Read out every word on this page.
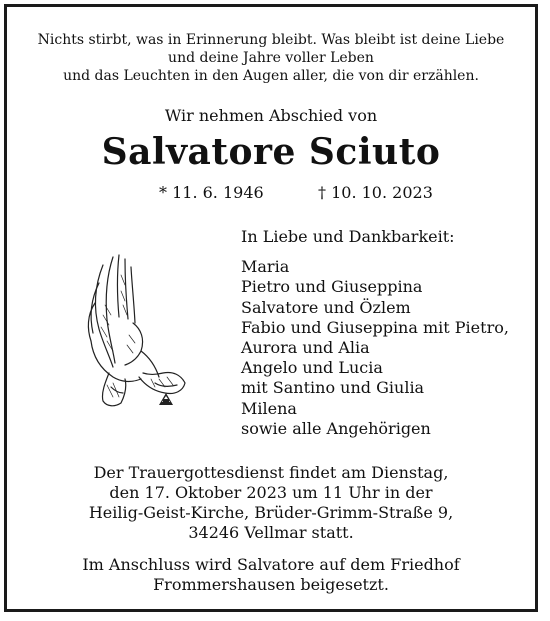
Nichts stirbt, was in Erinnerung bleibt. Was bleibt ist deine Liebe
und deine Jahre voller Leben
und das Leuchten in den Augen aller, die von dir erzählen.
Wir nehmen Abschied von
Salvatore Sciuto
* 11. 6. 1946	† 10. 10. 2023
In Liebe und Dankbarkeit:
Maria
Pietro und Giuseppina
Salvatore und Özlem
Fabio und Giuseppina mit Pietro,
Aurora und Alia
Angelo und Lucia
mit Santino und Giulia
Milena
sowie alle Angehörigen
Der Trauergottesdienst findet am Dienstag,
den 17. Oktober 2023 um 11 Uhr in der
Heilig-Geist-Kirche, Brüder-Grimm-Straße 9,
34246 Vellmar statt.
Im Anschluss wird Salvatore auf dem Friedhof
Frommershausen beigesetzt.
